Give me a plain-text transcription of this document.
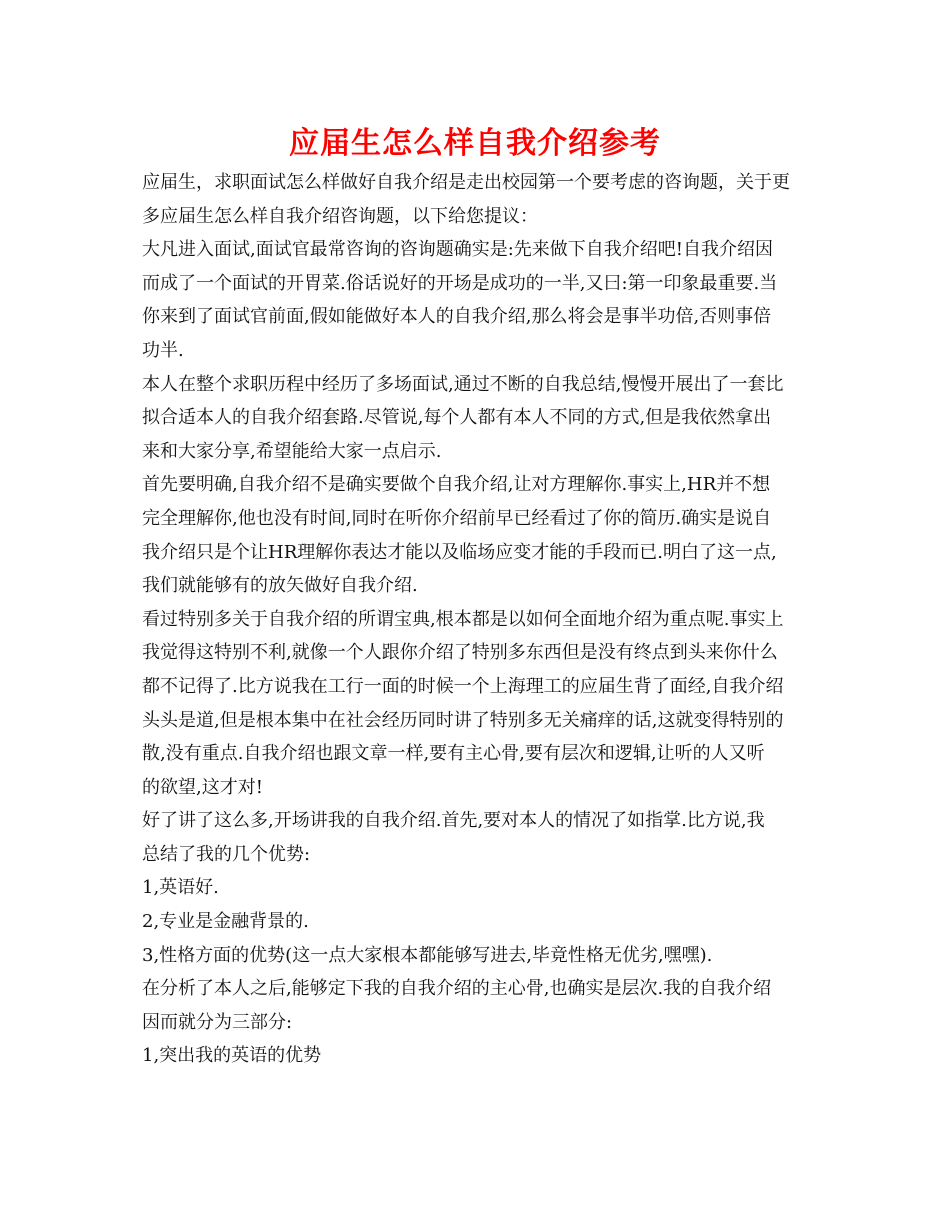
应届生怎么样自我介绍参考
应届生，求职面试怎么样做好自我介绍是走出校园第一个要考虑的咨询题，关于更
多应届生怎么样自我介绍咨询题，以下给您提议：
大凡进入面试,面试官最常咨询的咨询题确实是:先来做下自我介绍吧!自我介绍因
而成了一个面试的开胃菜.俗话说好的开场是成功的一半,又曰:第一印象最重要.当
你来到了面试官前面,假如能做好本人的自我介绍,那么将会是事半功倍,否则事倍
功半.
本人在整个求职历程中经历了多场面试,通过不断的自我总结,慢慢开展出了一套比
拟合适本人的自我介绍套路.尽管说,每个人都有本人不同的方式,但是我依然拿出
来和大家分享,希望能给大家一点启示.
首先要明确,自我介绍不是确实要做个自我介绍,让对方理解你.事实上,HR并不想
完全理解你,他也没有时间,同时在听你介绍前早已经看过了你的简历.确实是说自
我介绍只是个让HR理解你表达才能以及临场应变才能的手段而已.明白了这一点,
我们就能够有的放矢做好自我介绍.
看过特别多关于自我介绍的所谓宝典,根本都是以如何全面地介绍为重点呢.事实上
我觉得这特别不利,就像一个人跟你介绍了特别多东西但是没有终点到头来你什么
都不记得了.比方说我在工行一面的时候一个上海理工的应届生背了面经,自我介绍
头头是道,但是根本集中在社会经历同时讲了特别多无关痛痒的话,这就变得特别的
散,没有重点.自我介绍也跟文章一样,要有主心骨,要有层次和逻辑,让听的人又听
的欲望,这才对!
好了讲了这么多,开场讲我的自我介绍.首先,要对本人的情况了如指掌.比方说,我
总结了我的几个优势:
1,英语好.
2,专业是金融背景的.
3,性格方面的优势(这一点大家根本都能够写进去,毕竟性格无优劣,嘿嘿).
在分析了本人之后,能够定下我的自我介绍的主心骨,也确实是层次.我的自我介绍
因而就分为三部分:
1,突出我的英语的优势
